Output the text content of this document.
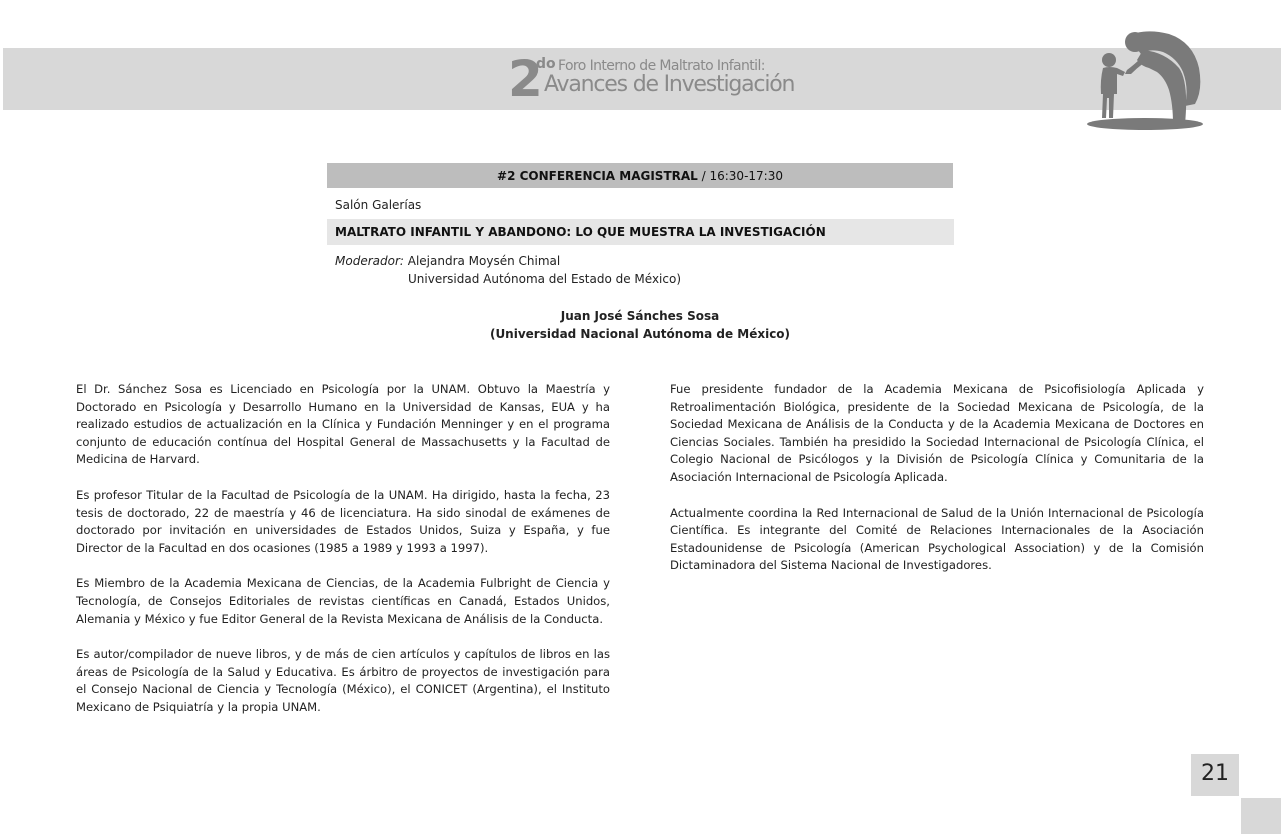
2
do Foro Interno de Maltrato Infantil:
Avances de Investigación
#2 CONFERENCIA MAGISTRAL / 16:30-17:30
Salón Galerías
MALTRATO INFANTIL Y ABANDONO: LO QUE MUESTRA LA INVESTIGACIÓN
Moderador: Alejandra Moysén Chimal
Universidad Autónoma del Estado de México)
Juan José Sánches Sosa
(Universidad Nacional Autónoma de México)

El Dr. Sánchez Sosa es Licenciado en Psicología por la UNAM. Obtuvo la Maestría y Doctorado en Psicología y Desarrollo Humano en la Universidad de Kansas, EUA y ha realizado estudios de actualización en la Clínica y Fundación Menninger y en el programa conjunto de educación contínua del Hospital General de Massachusetts y la Facultad de Medicina de Harvard.

Es profesor Titular de la Facultad de Psicología de la UNAM. Ha dirigido, hasta la fecha, 23 tesis de doctorado, 22 de maestría y 46 de licenciatura. Ha sido sinodal de exámenes de doctorado por invitación en universidades de Estados Unidos, Suiza y España, y fue Director de la Facultad en dos ocasiones (1985 a 1989 y 1993 a 1997).

Es Miembro de la Academia Mexicana de Ciencias, de la Academia Fulbright de Ciencia y Tecnología, de Consejos Editoriales de revistas científicas en Canadá, Estados Unidos, Alemania y México y fue Editor General de la Revista Mexicana de Análisis de la Conducta.

Es autor/compilador de nueve libros, y de más de cien artículos y capítulos de libros en las áreas de Psicología de la Salud y Educativa. Es árbitro de proyectos de investigación para el Consejo Nacional de Ciencia y Tecnología (México), el CONICET (Argentina), el Instituto Mexicano de Psiquiatría y la propia UNAM.

Fue presidente fundador de la Academia Mexicana de Psicofisiología Aplicada y Retroalimentación Biológica, presidente de la Sociedad Mexicana de Psicología, de la Sociedad Mexicana de Análisis de la Conducta y de la Academia Mexicana de Doctores en Ciencias Sociales. También ha presidido la Sociedad Internacional de Psicología Clínica, el Colegio Nacional de Psicólogos y la División de Psicología Clínica y Comunitaria de la Asociación Internacional de Psicología Aplicada.

Actualmente coordina la Red Internacional de Salud de la Unión Internacional de Psicología Científica. Es integrante del Comité de Relaciones Internacionales de la Asociación Estadounidense de Psicología (American Psychological Association) y de la Comisión Dictaminadora del Sistema Nacional de Investigadores.

21
